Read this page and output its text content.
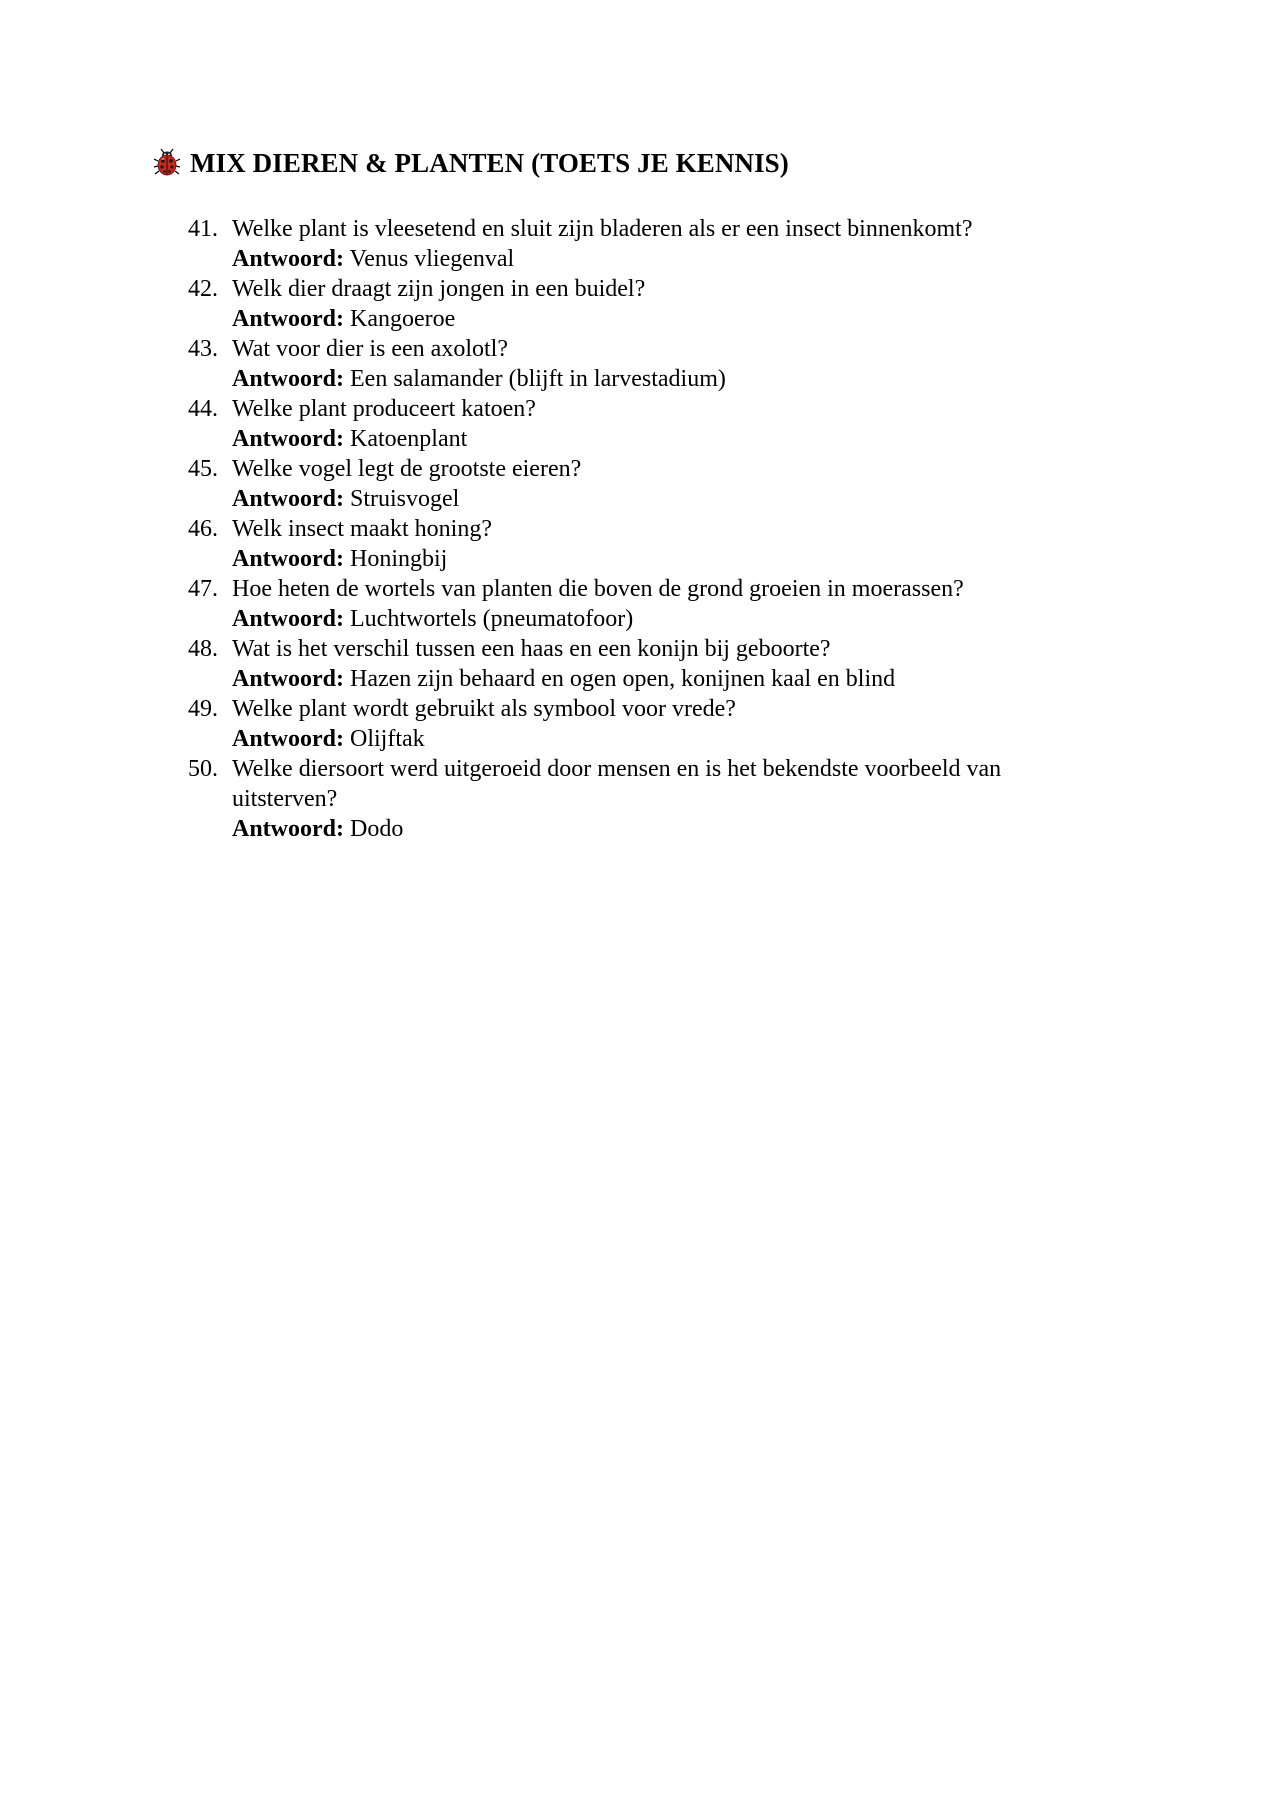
MIX DIEREN & PLANTEN (TOETS JE KENNIS)
41. Welke plant is vleesetend en sluit zijn bladeren als er een insect binnenkomt?
Antwoord: Venus vliegenval
42. Welk dier draagt zijn jongen in een buidel?
Antwoord: Kangoeroe
43. Wat voor dier is een axolotl?
Antwoord: Een salamander (blijft in larvestadium)
44. Welke plant produceert katoen?
Antwoord: Katoenplant
45. Welke vogel legt de grootste eieren?
Antwoord: Struisvogel
46. Welk insect maakt honing?
Antwoord: Honingbij
47. Hoe heten de wortels van planten die boven de grond groeien in moerassen?
Antwoord: Luchtwortels (pneumatofoor)
48. Wat is het verschil tussen een haas en een konijn bij geboorte?
Antwoord: Hazen zijn behaard en ogen open, konijnen kaal en blind
49. Welke plant wordt gebruikt als symbool voor vrede?
Antwoord: Olijftak
50. Welke diersoort werd uitgeroeid door mensen en is het bekendste voorbeeld van uitsterven?
Antwoord: Dodo
